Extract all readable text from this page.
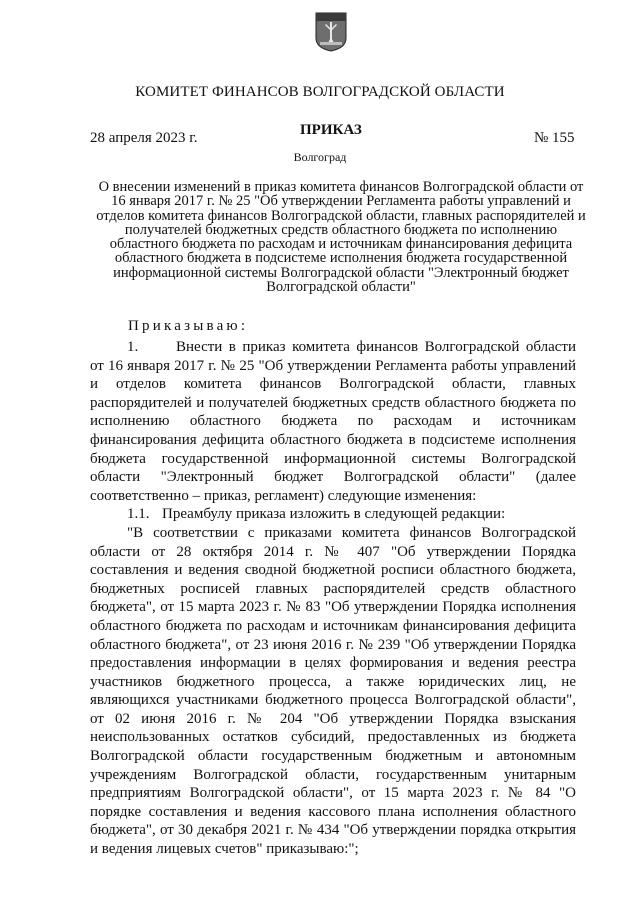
КОМИТЕТ ФИНАНСОВ ВОЛГОГРАДСКОЙ ОБЛАСТИ
ПРИКАЗ
28 апреля 2023 г.	№ 155
Волгоград
О внесении изменений в приказ комитета финансов Волгоградской области от 16 января 2017 г. № 25 "Об утверждении Регламента работы управлений и отделов комитета финансов Волгоградской области, главных распорядителей и получателей бюджетных средств областного бюджета по исполнению областного бюджета по расходам и источникам финансирования дефицита областного бюджета в подсистеме исполнения бюджета государственной информационной системы Волгоградской области "Электронный бюджет Волгоградской области"
Приказываю:

1.	Внести в приказ комитета финансов Волгоградской области от 16 января 2017 г. № 25 "Об утверждении Регламента работы управлений и отделов комитета финансов Волгоградской области, главных распорядителей и получателей бюджетных средств областного бюджета по исполнению областного бюджета по расходам и источникам финансирования дефицита областного бюджета в подсистеме исполнения бюджета государственной информационной системы Волгоградской области "Электронный бюджет Волгоградской области" (далее соответственно – приказ, регламент) следующие изменения:

1.1. Преамбулу приказа изложить в следующей редакции:

"В соответствии с приказами комитета финансов Волгоградской области от 28 октября 2014 г. № 407 "Об утверждении Порядка составления и ведения сводной бюджетной росписи областного бюджета, бюджетных росписей главных распорядителей средств областного бюджета", от 15 марта 2023 г. № 83 "Об утверждении Порядка исполнения областного бюджета по расходам и источникам финансирования дефицита областного бюджета", от 23 июня 2016 г. № 239 "Об утверждении Порядка предоставления информации в целях формирования и ведения реестра участников бюджетного процесса, а также юридических лиц, не являющихся участниками бюджетного процесса Волгоградской области", от 02 июня 2016 г. № 204 "Об утверждении Порядка взыскания неиспользованных остатков субсидий, предоставленных из бюджета Волгоградской области государственным бюджетным и автономным учреждениям Волгоградской области, государственным унитарным предприятиям Волгоградской области", от 15 марта 2023 г. № 84 "О порядке составления и ведения кассового плана исполнения областного бюджета", от 30 декабря 2021 г. № 434 "Об утверждении порядка открытия и ведения лицевых счетов" приказываю:";
